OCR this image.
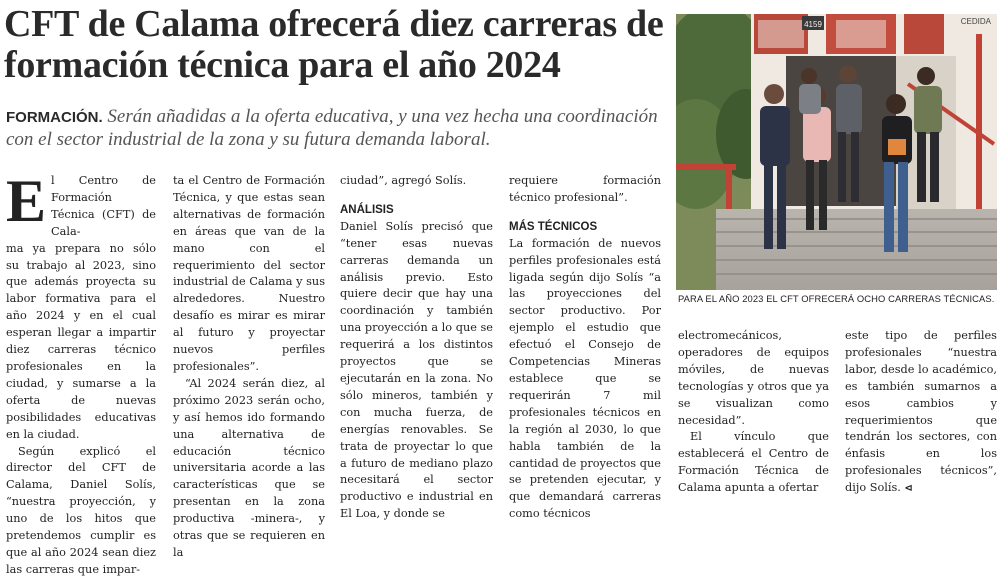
CFT de Calama ofrecerá diez carreras de formación técnica para el año 2024

FORMACIÓN. Serán añadidas a la oferta educativa, y una vez hecha una coordinación con el sector industrial de la zona y su futura demanda laboral.

E l Centro de Formación

Técnica (CFT) de Cala-

ma ya prepara no sólo

su trabajo al 2023, sino que además proyecta su labor formativa para el año 2024 y en el cual esperan llegar a impartir diez carreras técnico profesionales en la ciudad, y sumarse a la oferta de nuevas posibilidades educativas en la ciudad.

Según explicó el director del CFT de Calama, Daniel Solís, “nuestra proyección, y uno de los hitos que pretendemos cumplir es que al año 2024 sean diez las carreras que impar-

ta el Centro de Formación Técnica, y que estas sean alternativas de formación en áreas que van de la mano con el requerimiento del sector industrial de Calama y sus alrededores. Nuestro desafío es mirar es mirar al futuro y proyectar nuevos perfiles profesionales”.

“Al 2024 serán diez, al próximo 2023 serán ocho, y así hemos ido formando una alternativa de educación técnico universitaria acorde a las características que se presentan en la zona productiva -minera-, y otras que se requieren en la

ciudad”, agregó Solís.

ANÁLISIS

Daniel Solís precisó que “tener esas nuevas carreras demanda un análisis previo. Esto quiere decir que hay una coordinación y también una proyección a lo que se requerirá a los distintos proyectos que se ejecutarán en la zona. No sólo mineros, también y con mucha fuerza, de energías renovables. Se trata de proyectar lo que a futuro de mediano plazo necesitará el sector productivo e industrial en El Loa, y donde se

requiere formación técnico profesional”.

MÁS TÉCNICOS

La formación de nuevos perfiles profesionales está ligada según dijo Solís “a las proyecciones del sector productivo. Por ejemplo el estudio que efectuó el Consejo de Competencias Mineras establece que se requerirán 7 mil profesionales técnicos en la región al 2030, lo que habla también de la cantidad de proyectos que se pretenden ejecutar, y que demandará carreras como técnicos

electromecánicos, operadores de equipos móviles, de nuevas tecnologías y otros que ya se visualizan como necesidad”.

El vínculo que establecerá el Centro de Formación Técnica de Calama apunta a ofertar

este tipo de perfiles profesionales “nuestra labor, desde lo académico, es también sumarnos a esos cambios y requerimientos que tendrán los sectores, con énfasis en los profesionales técnicos”, dijo Solís. ⊲

4159	CEDIDA
PARA EL AÑO 2023 EL CFT OFRECERÁ OCHO CARRERAS TÉCNICAS.
